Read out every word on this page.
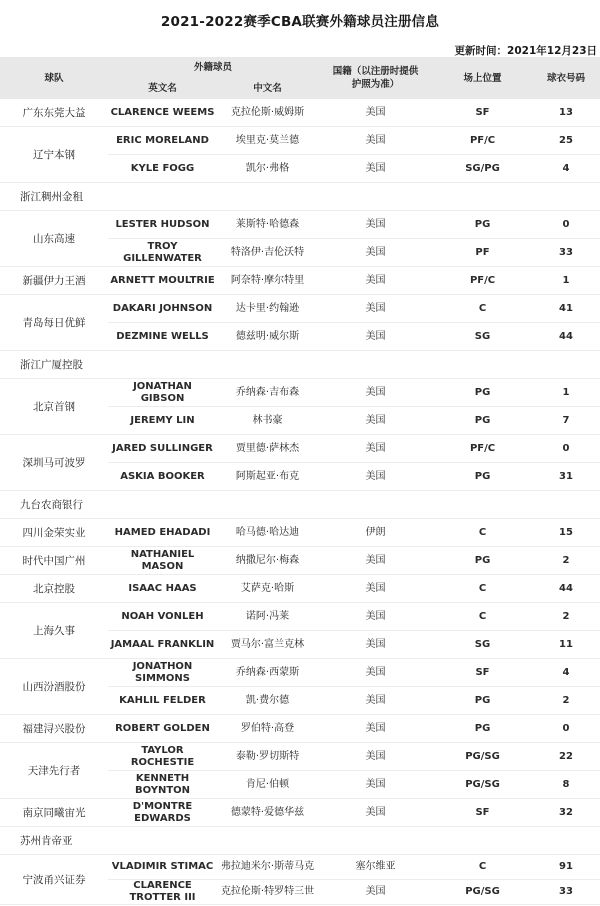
2021-2022赛季CBA联赛外籍球员注册信息
更新时间：2021年12月23日
球队	外籍球员		国籍（以注册时提供
护照为准）	场上位置	球衣号码
	英文名	中文名			
广东东莞大益	CLARENCE WEEMS	克拉伦斯·威姆斯	美国	SF	13
辽宁本钢	ERIC MORELAND	埃里克·莫兰德	美国	PF/C	25
	KYLE FOGG	凯尔·弗格	美国	SG/PG	4
浙江稠州金租					
山东高速	LESTER HUDSON	莱斯特·哈德森	美国	PG	0
	TROY GILLENWATER	特洛伊·吉伦沃特	美国	PF	33
新疆伊力王酒	ARNETT MOULTRIE	阿奈特·摩尔特里	美国	PF/C	1
青岛每日优鲜	DAKARI JOHNSON	达卡里·约翰逊	美国	C	41
	DEZMINE WELLS	德兹明·威尔斯	美国	SG	44
浙江广厦控股					
北京首钢	JONATHAN GIBSON	乔纳森·吉布森	美国	PG	1
	JEREMY LIN	林书豪	美国	PG	7
深圳马可波罗	JARED SULLINGER	贾里德·萨林杰	美国	PF/C	0
	ASKIA BOOKER	阿斯起亚·布克	美国	PG	31
九台农商银行					
四川金荣实业	HAMED EHADADI	哈马德·哈达迪	伊朗	C	15
时代中国广州	NATHANIEL MASON	纳撒尼尔·梅森	美国	PG	2
北京控股	ISAAC HAAS	艾萨克·哈斯	美国	C	44
上海久事	NOAH VONLEH	诺阿·冯莱	美国	C	2
	JAMAAL FRANKLIN	贾马尔·富兰克林	美国	SG	11
山西汾酒股份	JONATHON SIMMONS	乔纳森·西蒙斯	美国	SF	4
	KAHLIL FELDER	凯·费尔德	美国	PG	2
福建浔兴股份	ROBERT GOLDEN	罗伯特·高登	美国	PG	0
天津先行者	TAYLOR ROCHESTIE	泰勒·罗切斯特	美国	PG/SG	22
	KENNETH BOYNTON	肯尼·伯顿	美国	PG/SG	8
南京同曦宙光	D'MONTRE EDWARDS	德蒙特·爱德华兹	美国	SF	32
苏州肯帝亚					
宁波甬兴证券	VLADIMIR STIMAC	弗拉迪米尔·斯蒂马克	塞尔维亚	C	91
	CLARENCE TROTTER III	克拉伦斯·特罗特三世	美国	PG/SG	33
